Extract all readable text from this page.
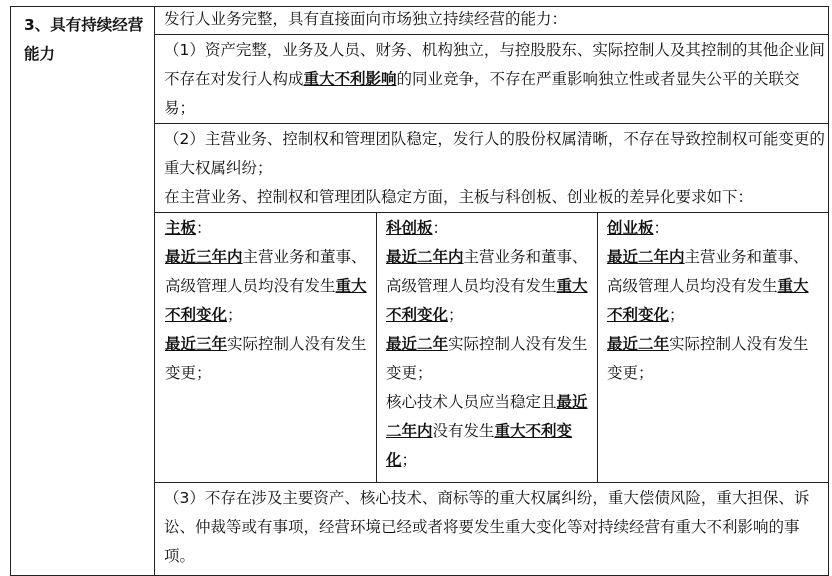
3、具有持续经营能力
发行人业务完整，具有直接面向市场独立持续经营的能力：
（1）资产完整，业务及人员、财务、机构独立，与控股股东、实际控制人及其控制的其他企业间不存在对发行人构成重大不利影响的同业竞争，不存在严重影响独立性或者显失公平的关联交易；
（2）主营业务、控制权和管理团队稳定，发行人的股份权属清晰，不存在导致控制权可能变更的重大权属纠纷；
在主营业务、控制权和管理团队稳定方面，主板与科创板、创业板的差异化要求如下：
主板：
最近三年内主营业务和董事、高级管理人员均没有发生重大不利变化；
最近三年实际控制人没有发生变更；
科创板：
最近二年内主营业务和董事、高级管理人员均没有发生重大不利变化；
最近二年实际控制人没有发生变更；
核心技术人员应当稳定且最近二年内没有发生重大不利变化；
创业板：
最近二年内主营业务和董事、高级管理人员均没有发生重大不利变化；
最近二年实际控制人没有发生变更；
（3）不存在涉及主要资产、核心技术、商标等的重大权属纠纷，重大偿债风险，重大担保、诉讼、仲裁等或有事项，经营环境已经或者将要发生重大变化等对持续经营有重大不利影响的事项。
